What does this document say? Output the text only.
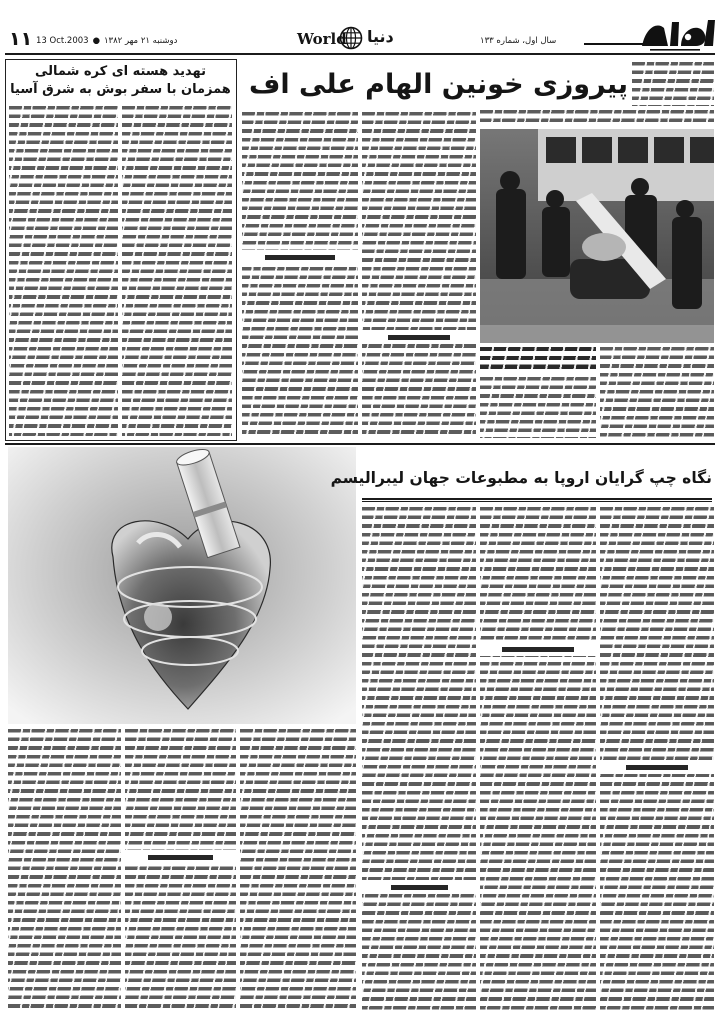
۱۱ 13 Oct.2003 ● دوشنبه ۲۱ مهر ۱۳۸۲	World دنیا	سال اول، شماره ۱۳۳
تهدید هسته ای کره شمالی همزمان با سفر بوش به شرق آسیا پیروزی خونین الهام علی اف
نگاه چپ گرایان اروپا به مطبوعات جهان لیبرالیسم
